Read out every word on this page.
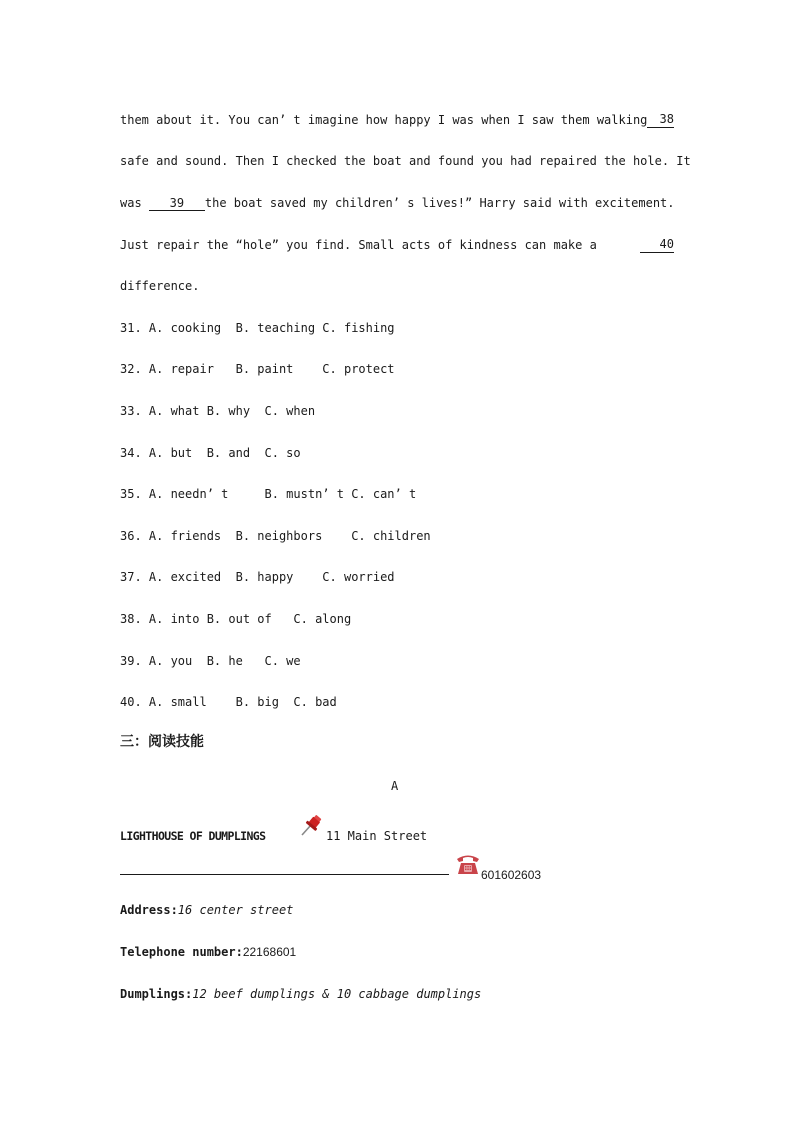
them about it. You can’ t imagine how happy I was when I saw them walking	38
safe and sound. Then I checked the boat and found you had repaired the hole. It
was 39	the boat saved my children’ s lives!” Harry said with excitement.
Just repair the “hole” you find. Small acts of kindness can make a	40
difference.
31. A. cooking  B. teaching C. fishing
32. A. repair   B. paint    C. protect
33. A. what B. why  C. when
34. A. but  B. and  C. so
35. A. needn’ t     B. mustn’ t C. can’ t
36. A. friends  B. neighbors    C. children
37. A. excited  B. happy    C. worried
38. A. into B. out of   C. along
39. A. you  B. he   C. we
40. A. small    B. big  C. bad
三：阅读技能
A
LIGHTHOUSE OF DUMPLINGS	11 Main Street
601602603
Address:16 center street
Telephone number:22168601
Dumplings:12 beef dumplings & 10 cabbage dumplings
